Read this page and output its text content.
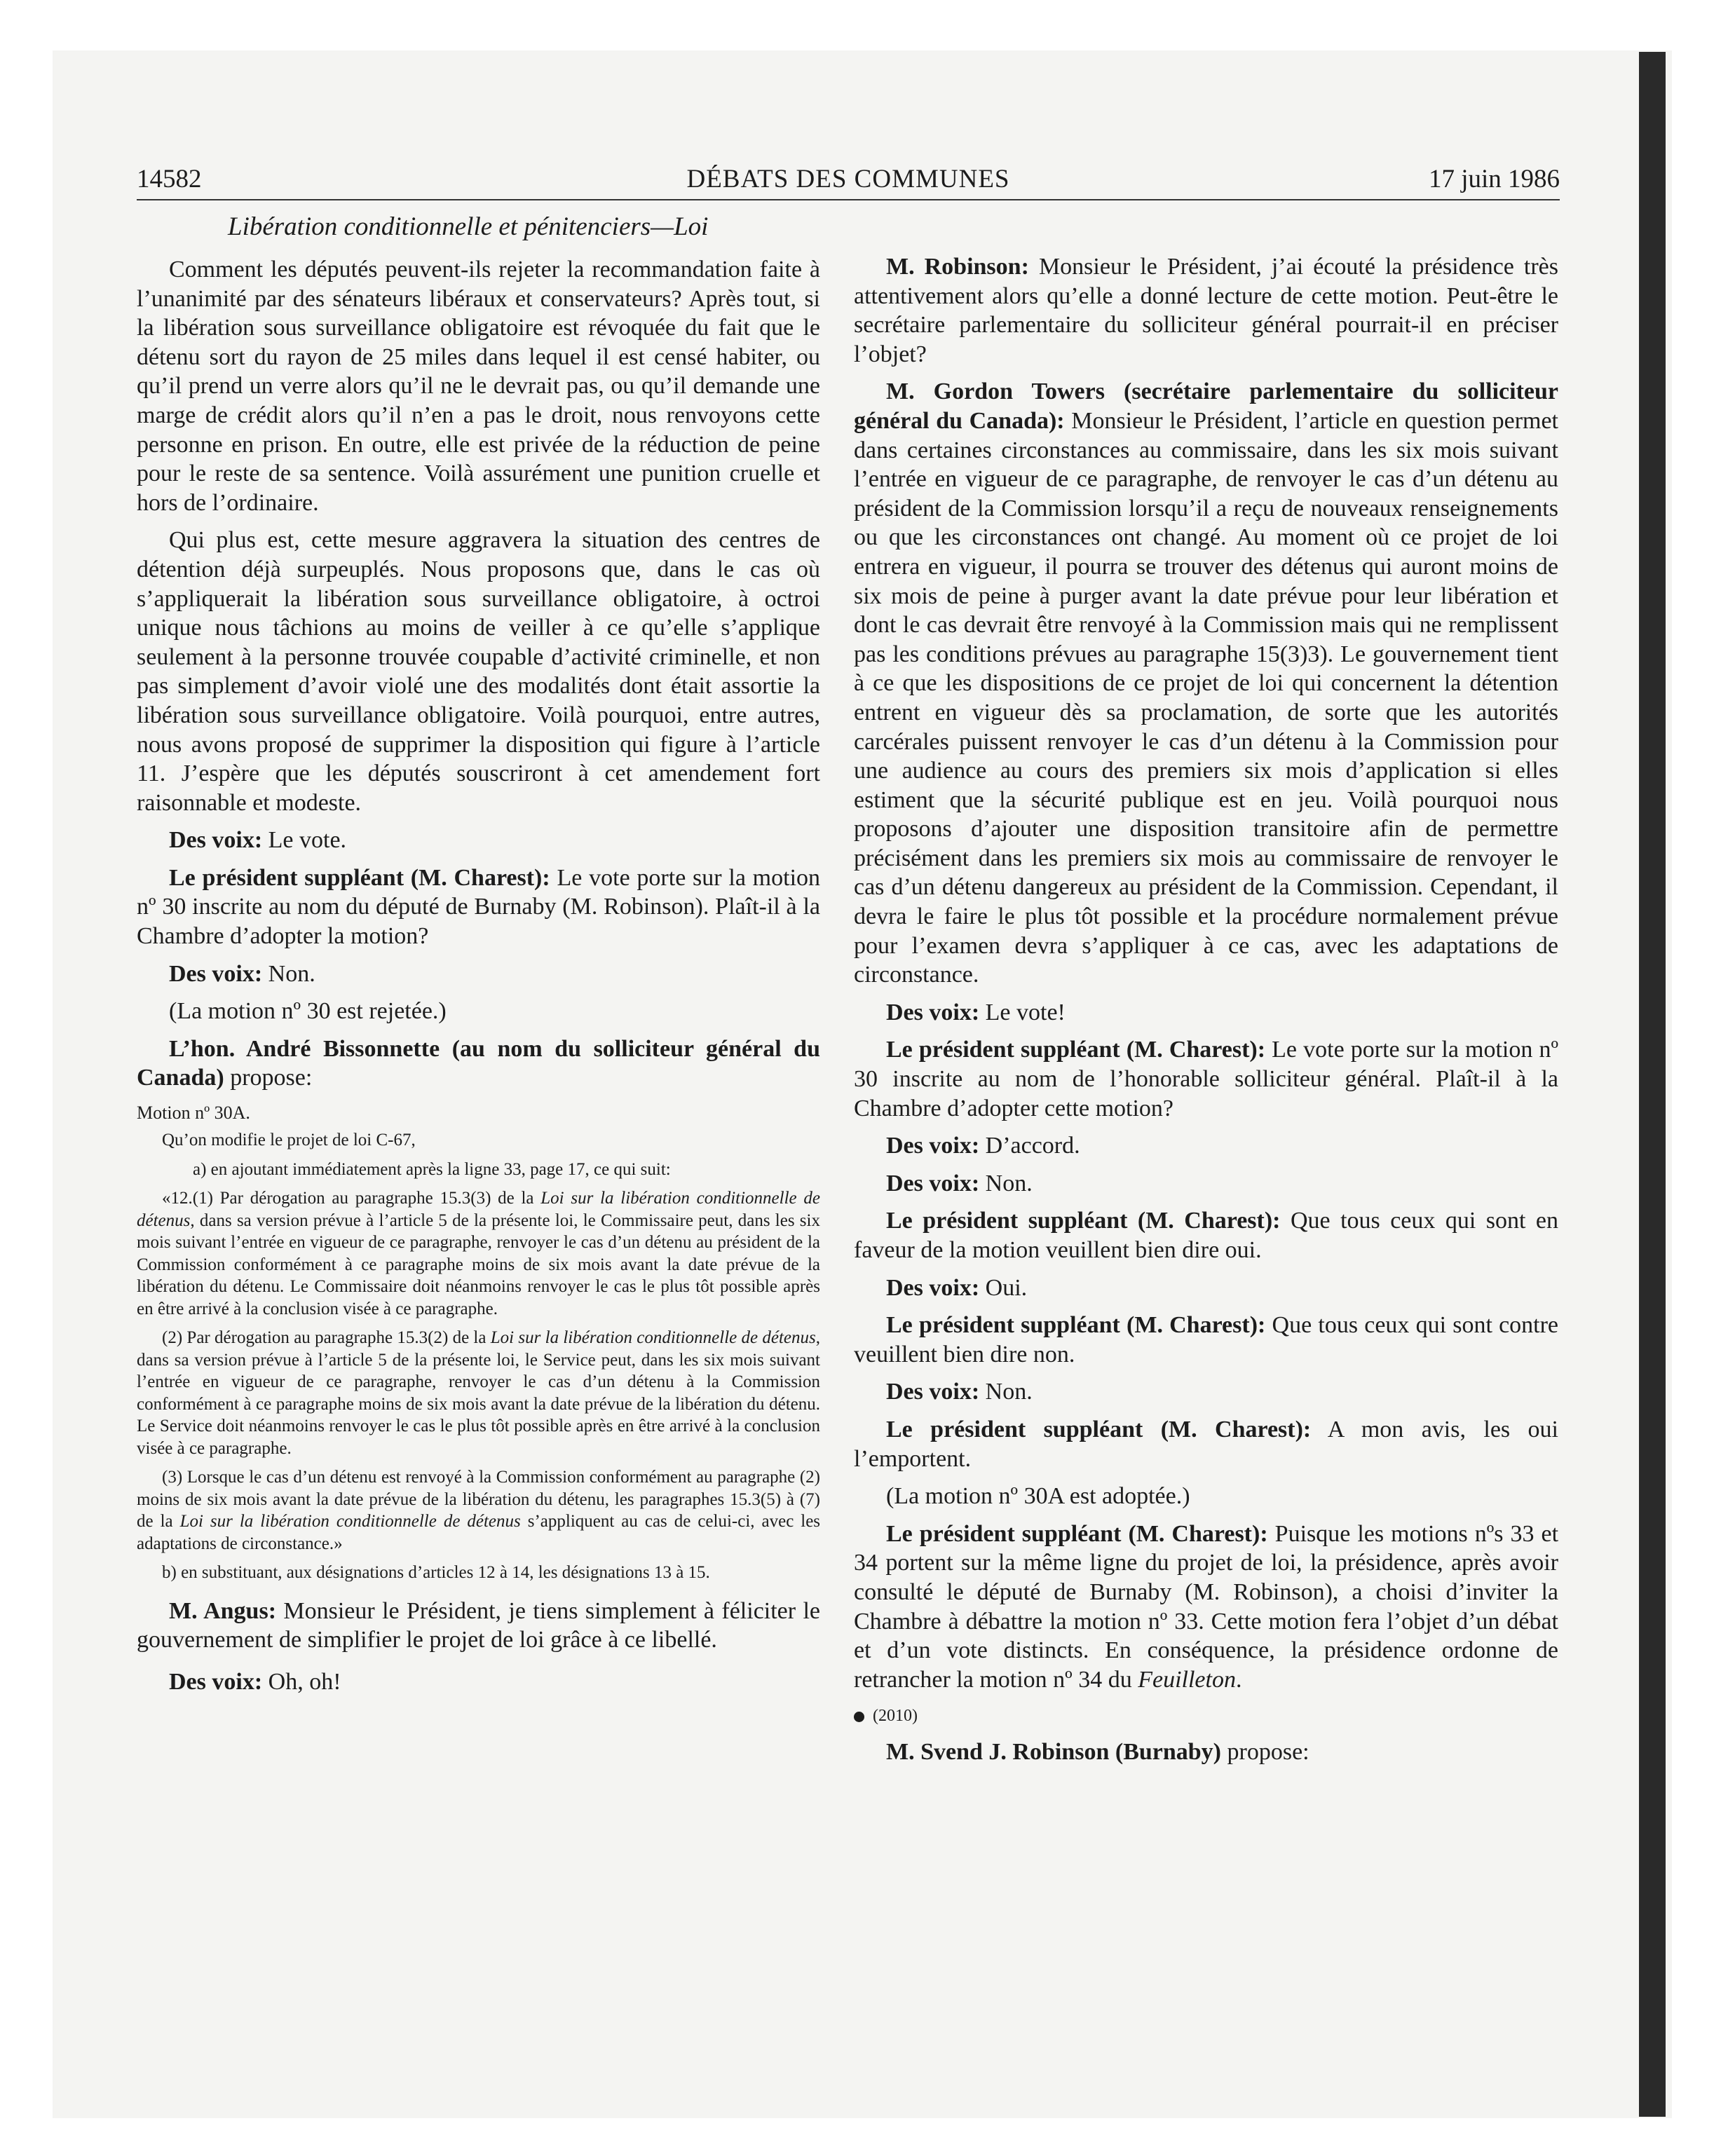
14582	DÉBATS DES COMMUNES	17 juin 1986
Libération conditionnelle et pénitenciers—Loi

Comment les députés peuvent-ils rejeter la recommandation faite à l’unanimité par des sénateurs libéraux et conservateurs? Après tout, si la libération sous surveillance obligatoire est révoquée du fait que le détenu sort du rayon de 25 miles dans lequel il est censé habiter, ou qu’il prend un verre alors qu’il ne le devrait pas, ou qu’il demande une marge de crédit alors qu’il n’en a pas le droit, nous renvoyons cette personne en prison. En outre, elle est privée de la réduction de peine pour le reste de sa sentence. Voilà assurément une punition cruelle et hors de l’ordinaire.

Qui plus est, cette mesure aggravera la situation des centres de détention déjà surpeuplés. Nous proposons que, dans le cas où s’appliquerait la libération sous surveillance obligatoire, à octroi unique nous tâchions au moins de veiller à ce qu’elle s’applique seulement à la personne trouvée coupable d’activité criminelle, et non pas simplement d’avoir violé une des modalités dont était assortie la libération sous surveillance obligatoire. Voilà pourquoi, entre autres, nous avons proposé de supprimer la disposition qui figure à l’article 11. J’espère que les députés souscriront à cet amendement fort raisonnable et modeste.

Des voix: Le vote.

Le président suppléant (M. Charest): Le vote porte sur la motion nº 30 inscrite au nom du député de Burnaby (M. Robinson). Plaît-il à la Chambre d’adopter la motion?

Des voix: Non.

(La motion nº 30 est rejetée.)

L’hon. André Bissonnette (au nom du solliciteur général du Canada) propose:

Motion nº 30A.

Qu’on modifie le projet de loi C-67,

a) en ajoutant immédiatement après la ligne 33, page 17, ce qui suit:

«12.(1) Par dérogation au paragraphe 15.3(3) de la Loi sur la libération conditionnelle de détenus, dans sa version prévue à l’article 5 de la présente loi, le Commissaire peut, dans les six mois suivant l’entrée en vigueur de ce paragraphe, renvoyer le cas d’un détenu au président de la Commission conformément à ce paragraphe moins de six mois avant la date prévue de la libération du détenu. Le Commissaire doit néanmoins renvoyer le cas le plus tôt possible après en être arrivé à la conclusion visée à ce paragraphe.

(2) Par dérogation au paragraphe 15.3(2) de la Loi sur la libération conditionnelle de détenus, dans sa version prévue à l’article 5 de la présente loi, le Service peut, dans les six mois suivant l’entrée en vigueur de ce paragraphe, renvoyer le cas d’un détenu à la Commission conformément à ce paragraphe moins de six mois avant la date prévue de la libération du détenu. Le Service doit néanmoins renvoyer le cas le plus tôt possible après en être arrivé à la conclusion visée à ce paragraphe.

(3) Lorsque le cas d’un détenu est renvoyé à la Commission conformément au paragraphe (2) moins de six mois avant la date prévue de la libération du détenu, les paragraphes 15.3(5) à (7) de la Loi sur la libération conditionnelle de détenus s’appliquent au cas de celui-ci, avec les adaptations de circonstance.»

b) en substituant, aux désignations d’articles 12 à 14, les désignations 13 à 15.

M. Angus: Monsieur le Président, je tiens simplement à féliciter le gouvernement de simplifier le projet de loi grâce à ce libellé.

Des voix: Oh, oh!

M. Robinson: Monsieur le Président, j’ai écouté la présidence très attentivement alors qu’elle a donné lecture de cette motion. Peut-être le secrétaire parlementaire du solliciteur général pourrait-il en préciser l’objet?

M. Gordon Towers (secrétaire parlementaire du solliciteur général du Canada): Monsieur le Président, l’article en question permet dans certaines circonstances au commissaire, dans les six mois suivant l’entrée en vigueur de ce paragraphe, de renvoyer le cas d’un détenu au président de la Commission lorsqu’il a reçu de nouveaux renseignements ou que les circonstances ont changé. Au moment où ce projet de loi entrera en vigueur, il pourra se trouver des détenus qui auront moins de six mois de peine à purger avant la date prévue pour leur libération et dont le cas devrait être renvoyé à la Commission mais qui ne remplissent pas les conditions prévues au paragraphe 15(3)3). Le gouvernement tient à ce que les dispositions de ce projet de loi qui concernent la détention entrent en vigueur dès sa proclamation, de sorte que les autorités carcérales puissent renvoyer le cas d’un détenu à la Commission pour une audience au cours des premiers six mois d’application si elles estiment que la sécurité publique est en jeu. Voilà pourquoi nous proposons d’ajouter une disposition transitoire afin de permettre précisément dans les premiers six mois au commissaire de renvoyer le cas d’un détenu dangereux au président de la Commission. Cependant, il devra le faire le plus tôt possible et la procédure normalement prévue pour l’examen devra s’appliquer à ce cas, avec les adaptations de circonstance.

Des voix: Le vote!

Le président suppléant (M. Charest): Le vote porte sur la motion nº 30 inscrite au nom de l’honorable solliciteur général. Plaît-il à la Chambre d’adopter cette motion?

Des voix: D’accord.

Des voix: Non.

Le président suppléant (M. Charest): Que tous ceux qui sont en faveur de la motion veuillent bien dire oui.

Des voix: Oui.

Le président suppléant (M. Charest): Que tous ceux qui sont contre veuillent bien dire non.

Des voix: Non.

Le président suppléant (M. Charest): A mon avis, les oui l’emportent.

(La motion nº 30A est adoptée.)

Le président suppléant (M. Charest): Puisque les motions nºs 33 et 34 portent sur la même ligne du projet de loi, la présidence, après avoir consulté le député de Burnaby (M. Robinson), a choisi d’inviter la Chambre à débattre la motion nº 33. Cette motion fera l’objet d’un débat et d’un vote distincts. En conséquence, la présidence ordonne de retrancher la motion nº 34 du Feuilleton.

(2010)

M. Svend J. Robinson (Burnaby) propose:
